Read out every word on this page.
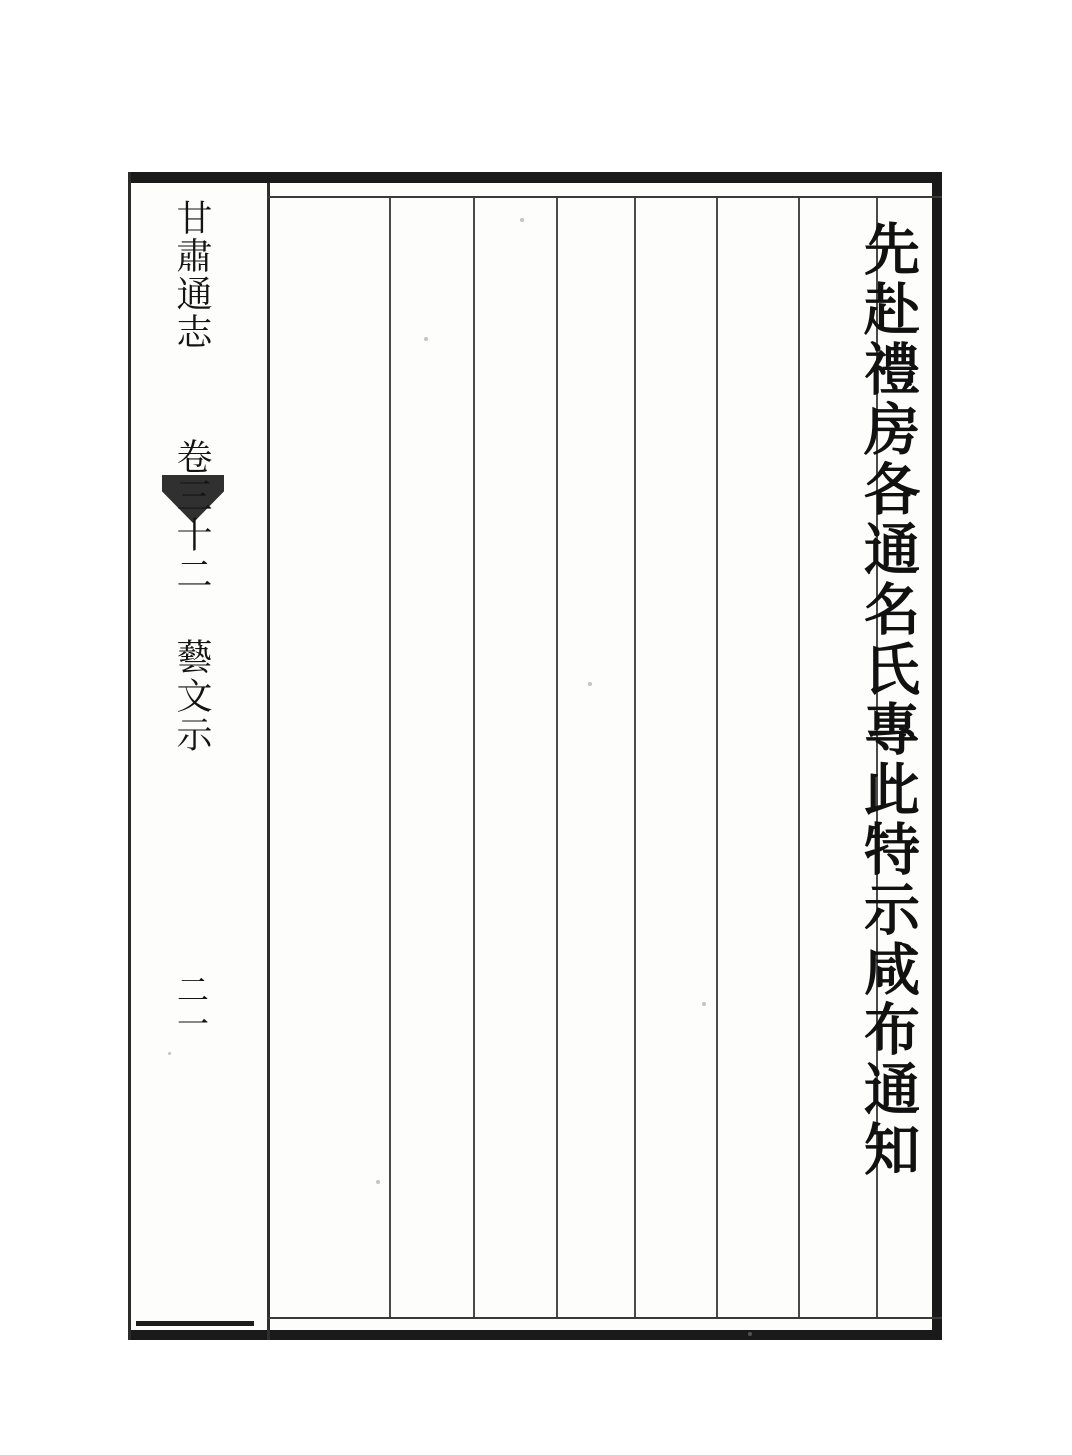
先赴禮房各通名氏專此特示咸布通知
甘肅通志
卷三十二 藝文示
二一
